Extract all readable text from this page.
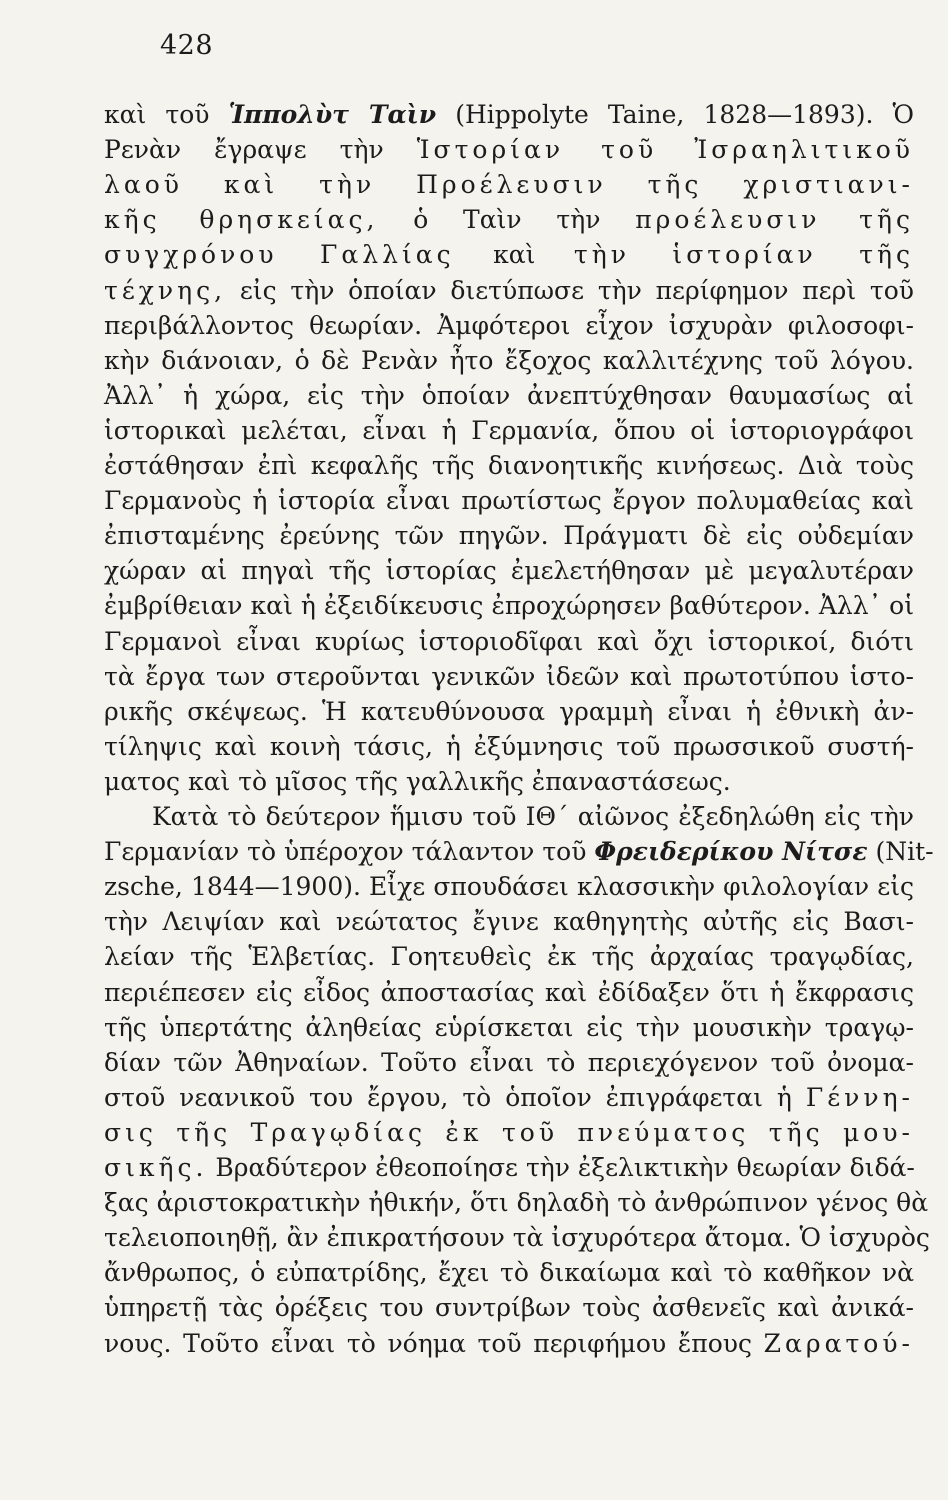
428
καὶ τοῦ Ἱππολὺτ Ταὶν (Hippolyte Taine, 1828—1893). Ὁ
Ρενὰν ἔγραψε τὴν Ἱστορίαν τοῦ Ἰσραηλιτικοῦ
λαοῦ καὶ τὴν Προέλευσιν τῆς χριστιανι-
κῆς θρησκείας, ὁ Ταὶν τὴν προέλευσιν τῆς
συγχρόνου Γαλλίας καὶ τὴν ἱστορίαν τῆς
τέχνης, εἰς τὴν ὁποίαν διετύπωσε τὴν περίφημον περὶ τοῦ
περιβάλλοντος θεωρίαν. Ἀμφότεροι εἶχον ἰσχυρὰν φιλοσοφι-
κὴν διάνοιαν, ὁ δὲ Ρενὰν ἦτο ἔξοχος καλλιτέχνης τοῦ λόγου.
Ἀλλ᾽ ἡ χώρα, εἰς τὴν ὁποίαν ἀνεπτύχθησαν θαυμασίως αἱ
ἱστορικαὶ μελέται, εἶναι ἡ Γερμανία, ὅπου οἱ ἱστοριογράφοι
ἐστάθησαν ἐπὶ κεφαλῆς τῆς διανοητικῆς κινήσεως. Διὰ τοὺς
Γερμανοὺς ἡ ἱστορία εἶναι πρωτίστως ἔργον πολυμαθείας καὶ
ἐπισταμένης ἐρεύνης τῶν πηγῶν. Πράγματι δὲ εἰς οὐδεμίαν
χώραν αἱ πηγαὶ τῆς ἱστορίας ἐμελετήθησαν μὲ μεγαλυτέραν
ἐμβρίθειαν καὶ ἡ ἐξειδίκευσις ἐπροχώρησεν βαθύτερον. Ἀλλ᾽ οἱ
Γερμανοὶ εἶναι κυρίως ἱστοριοδῖφαι καὶ ὄχι ἱστορικοί, διότι
τὰ ἔργα των στεροῦνται γενικῶν ἰδεῶν καὶ πρωτοτύπου ἱστο-
ρικῆς σκέψεως. Ἡ κατευθύνουσα γραμμὴ εἶναι ἡ ἐθνικὴ ἀν-
τίληψις καὶ κοινὴ τάσις, ἡ ἐξύμνησις τοῦ πρωσσικοῦ συστή-
ματος καὶ τὸ μῖσος τῆς γαλλικῆς ἐπαναστάσεως.
Κατὰ τὸ δεύτερον ἥμισυ τοῦ ΙΘ´ αἰῶνος ἐξεδηλώθη εἰς τὴν
Γερμανίαν τὸ ὑπέροχον τάλαντον τοῦ Φρειδερίκου Νίτσε (Nit-
zsche, 1844—1900). Εἶχε σπουδάσει κλασσικὴν φιλολογίαν εἰς
τὴν Λειψίαν καὶ νεώτατος ἔγινε καθηγητὴς αὐτῆς εἰς Βασι-
λείαν τῆς Ἑλβετίας. Γοητευθεὶς ἐκ τῆς ἀρχαίας τραγῳδίας,
περιέπεσεν εἰς εἶδος ἀποστασίας καὶ ἐδίδαξεν ὅτι ἡ ἔκφρασις
τῆς ὑπερτάτης ἀληθείας εὑρίσκεται εἰς τὴν μουσικὴν τραγῳ-
δίαν τῶν Ἀθηναίων. Τοῦτο εἶναι τὸ περιεχόγενον τοῦ ὀνομα-
στοῦ νεανικοῦ του ἔργου, τὸ ὁποῖον ἐπιγράφεται ἡ Γέννη-
σις τῆς Τραγῳδίας ἐκ τοῦ πνεύματος τῆς μου-
σικῆς. Βραδύτερον ἐθεοποίησε τὴν ἐξελικτικὴν θεωρίαν διδά-
ξας ἀριστοκρατικὴν ἠθικήν, ὅτι δηλαδὴ τὸ ἀνθρώπινον γένος θὰ
τελειοποιηθῇ, ἂν ἐπικρατήσουν τὰ ἰσχυρότερα ἄτομα. Ὁ ἰσχυρὸς
ἄνθρωπος, ὁ εὐπατρίδης, ἔχει τὸ δικαίωμα καὶ τὸ καθῆκον νὰ
ὑπηρετῇ τὰς ὀρέξεις του συντρίβων τοὺς ἀσθενεῖς καὶ ἀνικά-
νους. Τοῦτο εἶναι τὸ νόημα τοῦ περιφήμου ἔπους Ζαρατού-
